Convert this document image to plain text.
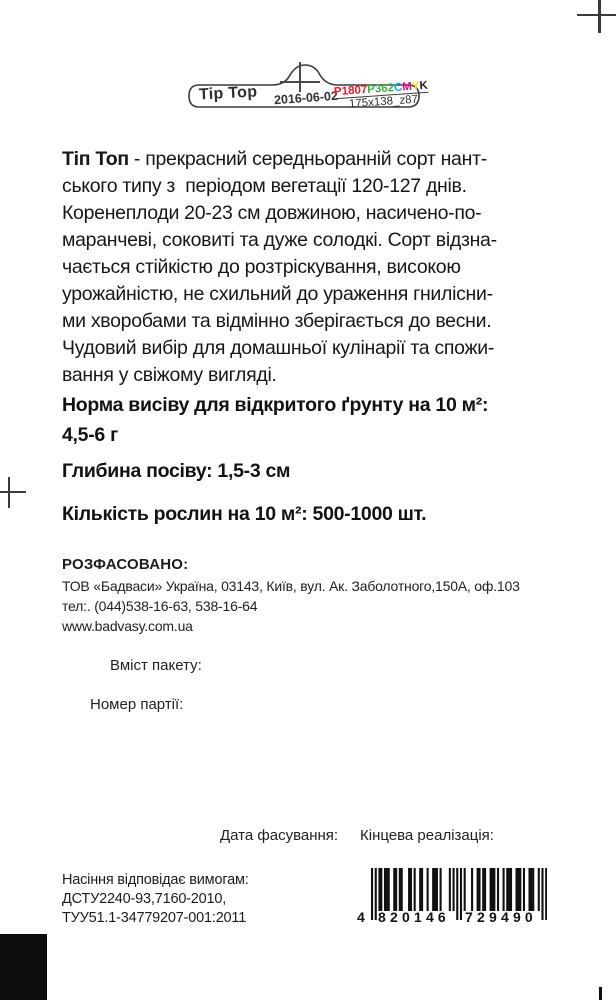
Tip Top 2016-06-02
P1807P362CMYK
175x138_z87
Тіп Топ - прекрасний середньоранній сорт нант-
ського типу з  періодом вегетації 120-127 днів.
Коренеплоди 20-23 см довжиною, насичено-по-
маранчеві, соковиті та дуже солодкі. Сорт відзна-
чається стійкістю до розтріскування, високою
урожайністю, не схильний до ураження гнилісни-
ми хворобами та відмінно зберігається до весни.
Чудовий вибір для домашньої кулінарії та спожи-
вання у свіжому вигляді.
Норма висіву для відкритого ґрунту на 10 м²:
4,5-6 г
Глибина посіву: 1,5-3 см
Кількість рослин на 10 м²: 500-1000 шт.
РОЗФАСОВАНО:
ТОВ «Бадваси» Україна, 03143, Київ, вул. Ак. Заболотного,150А, оф.103
тел:. (044)538-16-63, 538-16-64
www.badvasy.com.ua
Вміст пакету:
Номер партії:
Дата фасування: Кінцева реалізація:
Насіння відповідає вимогам:
ДСТУ2240-93,7160-2010,
ТУУ51.1-34779207-001:2011	4 820146 729490
